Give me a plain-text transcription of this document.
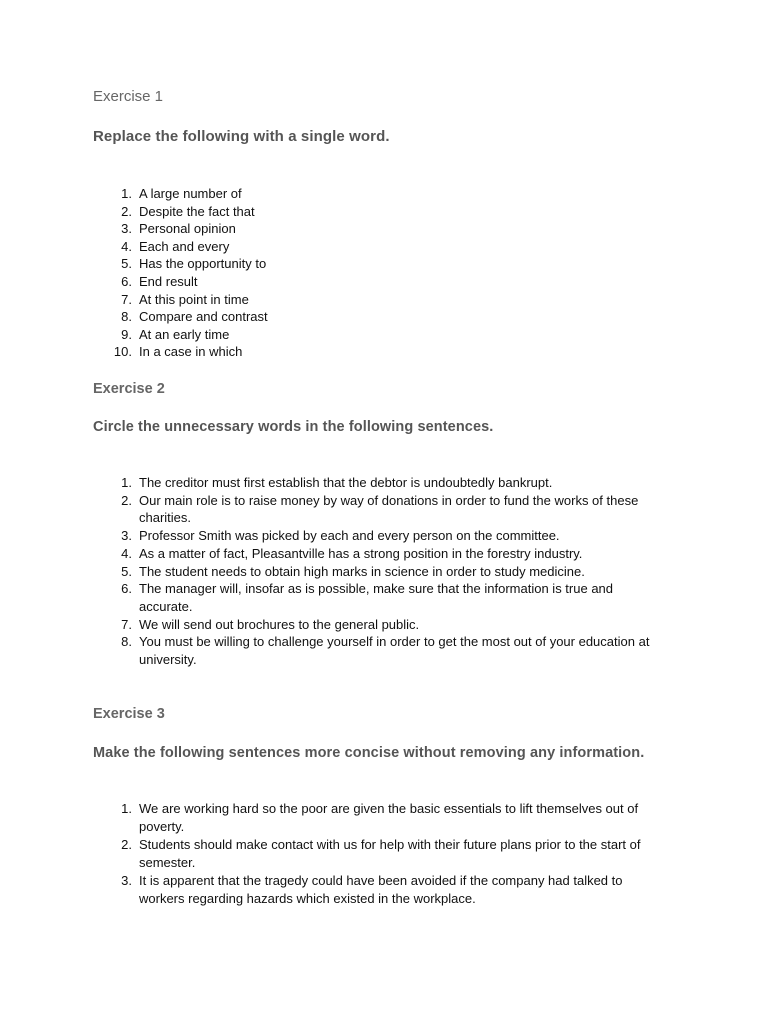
Exercise 1
Replace the following with a single word.
1. A large number of
2. Despite the fact that
3. Personal opinion
4. Each and every
5. Has the opportunity to
6. End result
7. At this point in time
8. Compare and contrast
9. At an early time
10. In a case in which
Exercise 2
Circle the unnecessary words in the following sentences.
1. The creditor must first establish that the debtor is undoubtedly bankrupt.
2. Our main role is to raise money by way of donations in order to fund the works of these charities.
3. Professor Smith was picked by each and every person on the committee.
4. As a matter of fact, Pleasantville has a strong position in the forestry industry.
5. The student needs to obtain high marks in science in order to study medicine.
6. The manager will, insofar as is possible, make sure that the information is true and accurate.
7. We will send out brochures to the general public.
8. You must be willing to challenge yourself in order to get the most out of your education at university.
Exercise 3
Make the following sentences more concise without removing any information.
1. We are working hard so the poor are given the basic essentials to lift themselves out of poverty.
2. Students should make contact with us for help with their future plans prior to the start of semester.
3. It is apparent that the tragedy could have been avoided if the company had talked to workers regarding hazards which existed in the workplace.
